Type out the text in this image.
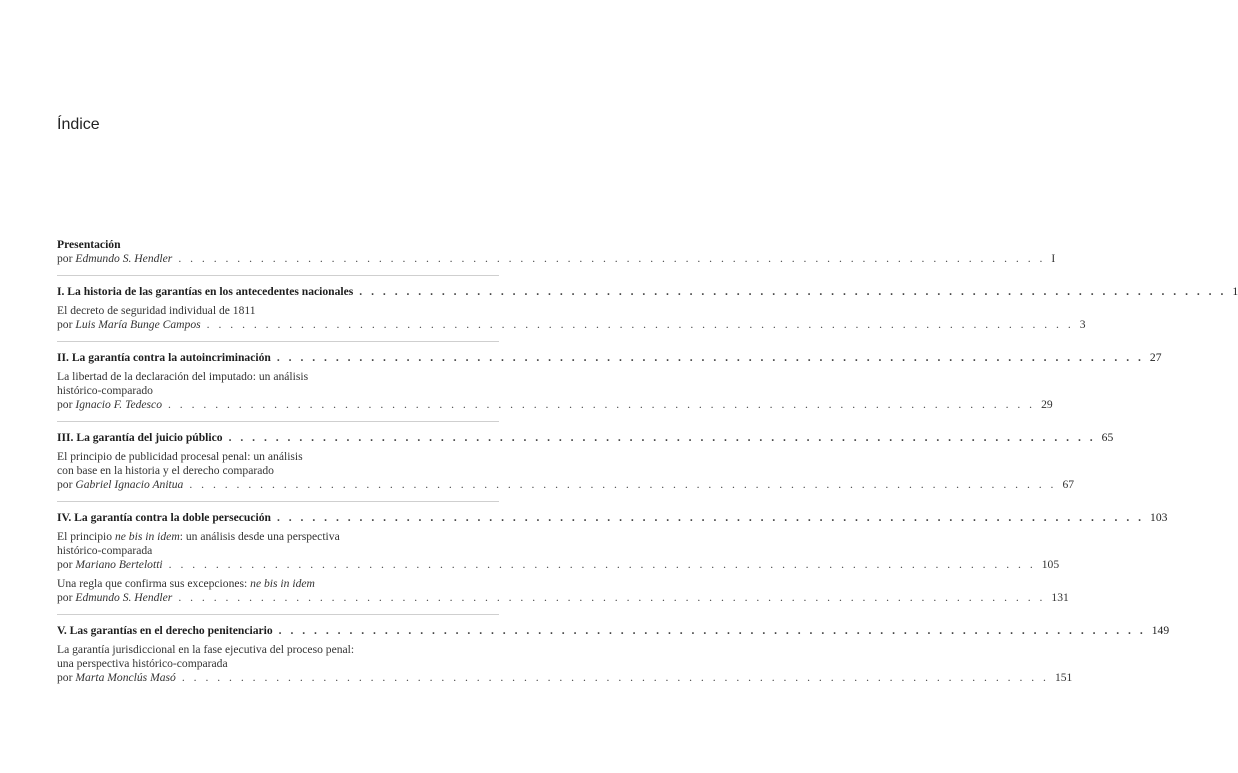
Índice
Presentación
por Edmundo S. Hendler . . . . . . . . . . . . . . . . . . . . . . . . . . . . . . . . . . . . . . . . . . . . . . . . . . . . . . . . . . . . . . . . . . . . . . . . . . I
I. La historia de las garantías en los antecedentes nacionales . . . . . . . . . . . . . . . . . . . . . . . . . . . . . . . . . . . . . . . . . . . . . . . . . . . . . . . . . . . . . . . . . . . . . . . . . . 1
El decreto de seguridad individual de 1811
por Luis María Bunge Campos . . . . . . . . . . . . . . . . . . . . . . . . . . . . . . . . . . . . . . . . . . . . . . . . . . . . . . . . . . . . . . . . . . . . . . . . . . 3
II. La garantía contra la autoincriminación . . . . . . . . . . . . . . . . . . . . . . . . . . . . . . . . . . . . . . . . . . . . . . . . . . . . . . . . . . . . . . . . . . . . . . . . . . 27
La libertad de la declaración del imputado: un análisis
histórico-comparado
por Ignacio F. Tedesco . . . . . . . . . . . . . . . . . . . . . . . . . . . . . . . . . . . . . . . . . . . . . . . . . . . . . . . . . . . . . . . . . . . . . . . . . . 29
III. La garantía del juicio público . . . . . . . . . . . . . . . . . . . . . . . . . . . . . . . . . . . . . . . . . . . . . . . . . . . . . . . . . . . . . . . . . . . . . . . . . . 65
El principio de publicidad procesal penal: un análisis
con base en la historia y el derecho comparado
por Gabriel Ignacio Anitua . . . . . . . . . . . . . . . . . . . . . . . . . . . . . . . . . . . . . . . . . . . . . . . . . . . . . . . . . . . . . . . . . . . . . . . . . . 67
IV. La garantía contra la doble persecución . . . . . . . . . . . . . . . . . . . . . . . . . . . . . . . . . . . . . . . . . . . . . . . . . . . . . . . . . . . . . . . . . . . . . . . . . . 103
El principio ne bis in idem: un análisis desde una perspectiva
histórico-comparada
por Mariano Bertelotti . . . . . . . . . . . . . . . . . . . . . . . . . . . . . . . . . . . . . . . . . . . . . . . . . . . . . . . . . . . . . . . . . . . . . . . . . . 105
Una regla que confirma sus excepciones: ne bis in idem
por Edmundo S. Hendler . . . . . . . . . . . . . . . . . . . . . . . . . . . . . . . . . . . . . . . . . . . . . . . . . . . . . . . . . . . . . . . . . . . . . . . . . . 131
V. Las garantías en el derecho penitenciario . . . . . . . . . . . . . . . . . . . . . . . . . . . . . . . . . . . . . . . . . . . . . . . . . . . . . . . . . . . . . . . . . . . . . . . . . . 149
La garantía jurisdiccional en la fase ejecutiva del proceso penal:
una perspectiva histórico-comparada
por Marta Monclús Masó . . . . . . . . . . . . . . . . . . . . . . . . . . . . . . . . . . . . . . . . . . . . . . . . . . . . . . . . . . . . . . . . . . . . . . . . . . 151
